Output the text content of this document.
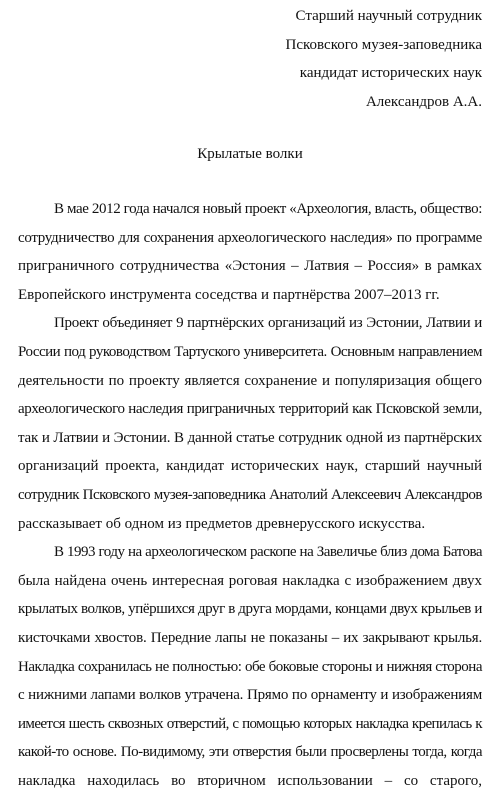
Старший научный сотрудник
Псковского музея-заповедника
кандидат исторических наук
Александров А.А.
Крылатые волки

В мае 2012 года начался новый проект «Археология, власть, общество:
сотрудничество для сохранения археологического наследия» по программе
приграничного сотрудничества «Эстония – Латвия – Россия» в рамках
Европейского инструмента соседства и партнёрства 2007–2013 гг.

Проект объединяет 9 партнёрских организаций из Эстонии, Латвии и
России под руководством Тартуского университета. Основным направлением
деятельности по проекту является сохранение и популяризация общего
археологического наследия приграничных территорий как Псковской земли,
так и Латвии и Эстонии. В данной статье сотрудник одной из партнёрских
организаций проекта, кандидат исторических наук, старший научный
сотрудник Псковского музея-заповедника Анатолий Алексеевич Александров
рассказывает об одном из предметов древнерусского искусства.

В 1993 году на археологическом раскопе на Завеличье близ дома Батова
была найдена очень интересная роговая накладка с изображением двух
крылатых волков, упёршихся друг в друга мордами, концами двух крыльев и
кисточками хвостов. Передние лапы не показаны – их закрывают крылья.
Накладка сохранилась не полностью: обе боковые стороны и нижняя сторона
с нижними лапами волков утрачена. Прямо по орнаменту и изображениям
имеется шесть сквозных отверстий, с помощью которых накладка крепилась к
какой-то основе. По-видимому, эти отверстия были просверлены тогда, когда
накладка находилась во вторичном использовании – со старого,
